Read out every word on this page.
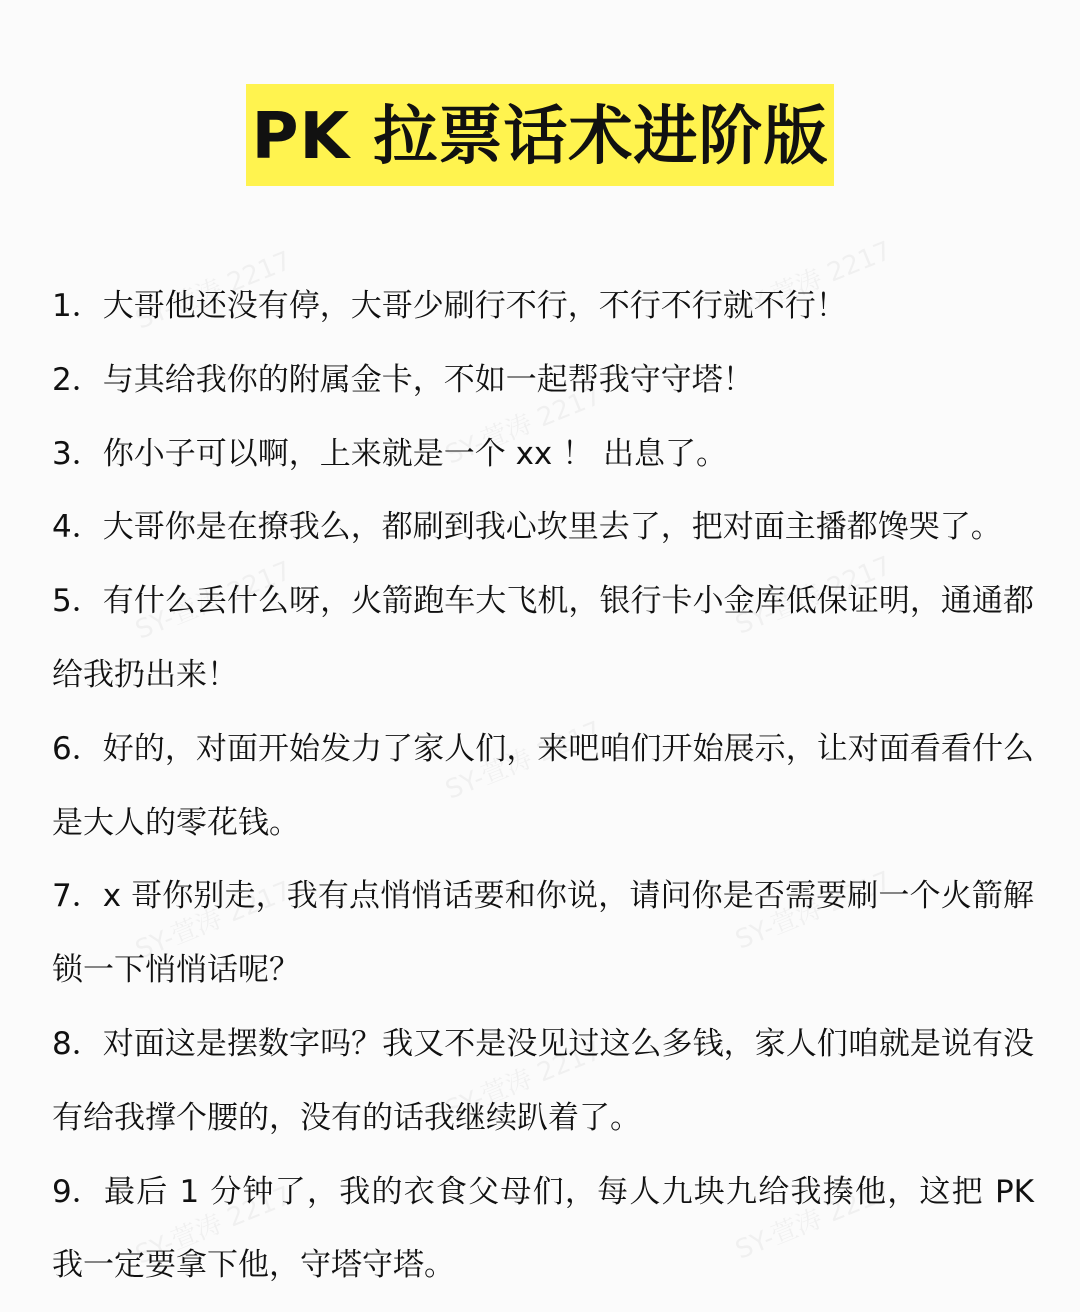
PK 拉票话术进阶版
1．大哥他还没有停，大哥少刷行不行，不行不行就不行！
2．与其给我你的附属金卡，不如一起帮我守守塔！
3．你小子可以啊，上来就是一个 xx ！ 出息了。
4．大哥你是在撩我么，都刷到我心坎里去了，把对面主播都馋哭了。
5．有什么丢什么呀，火箭跑车大飞机，银行卡小金库低保证明，通通都给我扔出来！
6．好的，对面开始发力了家人们，来吧咱们开始展示，让对面看看什么是大人的零花钱。
7．x 哥你别走，我有点悄悄话要和你说，请问你是否需要刷一个火箭解锁一下悄悄话呢？
8．对面这是摆数字吗？我又不是没见过这么多钱，家人们咱就是说有没有给我撑个腰的，没有的话我继续趴着了。
9．最后 1 分钟了，我的衣食父母们，每人九块九给我揍他，这把 PK 我一定要拿下他，守塔守塔。
